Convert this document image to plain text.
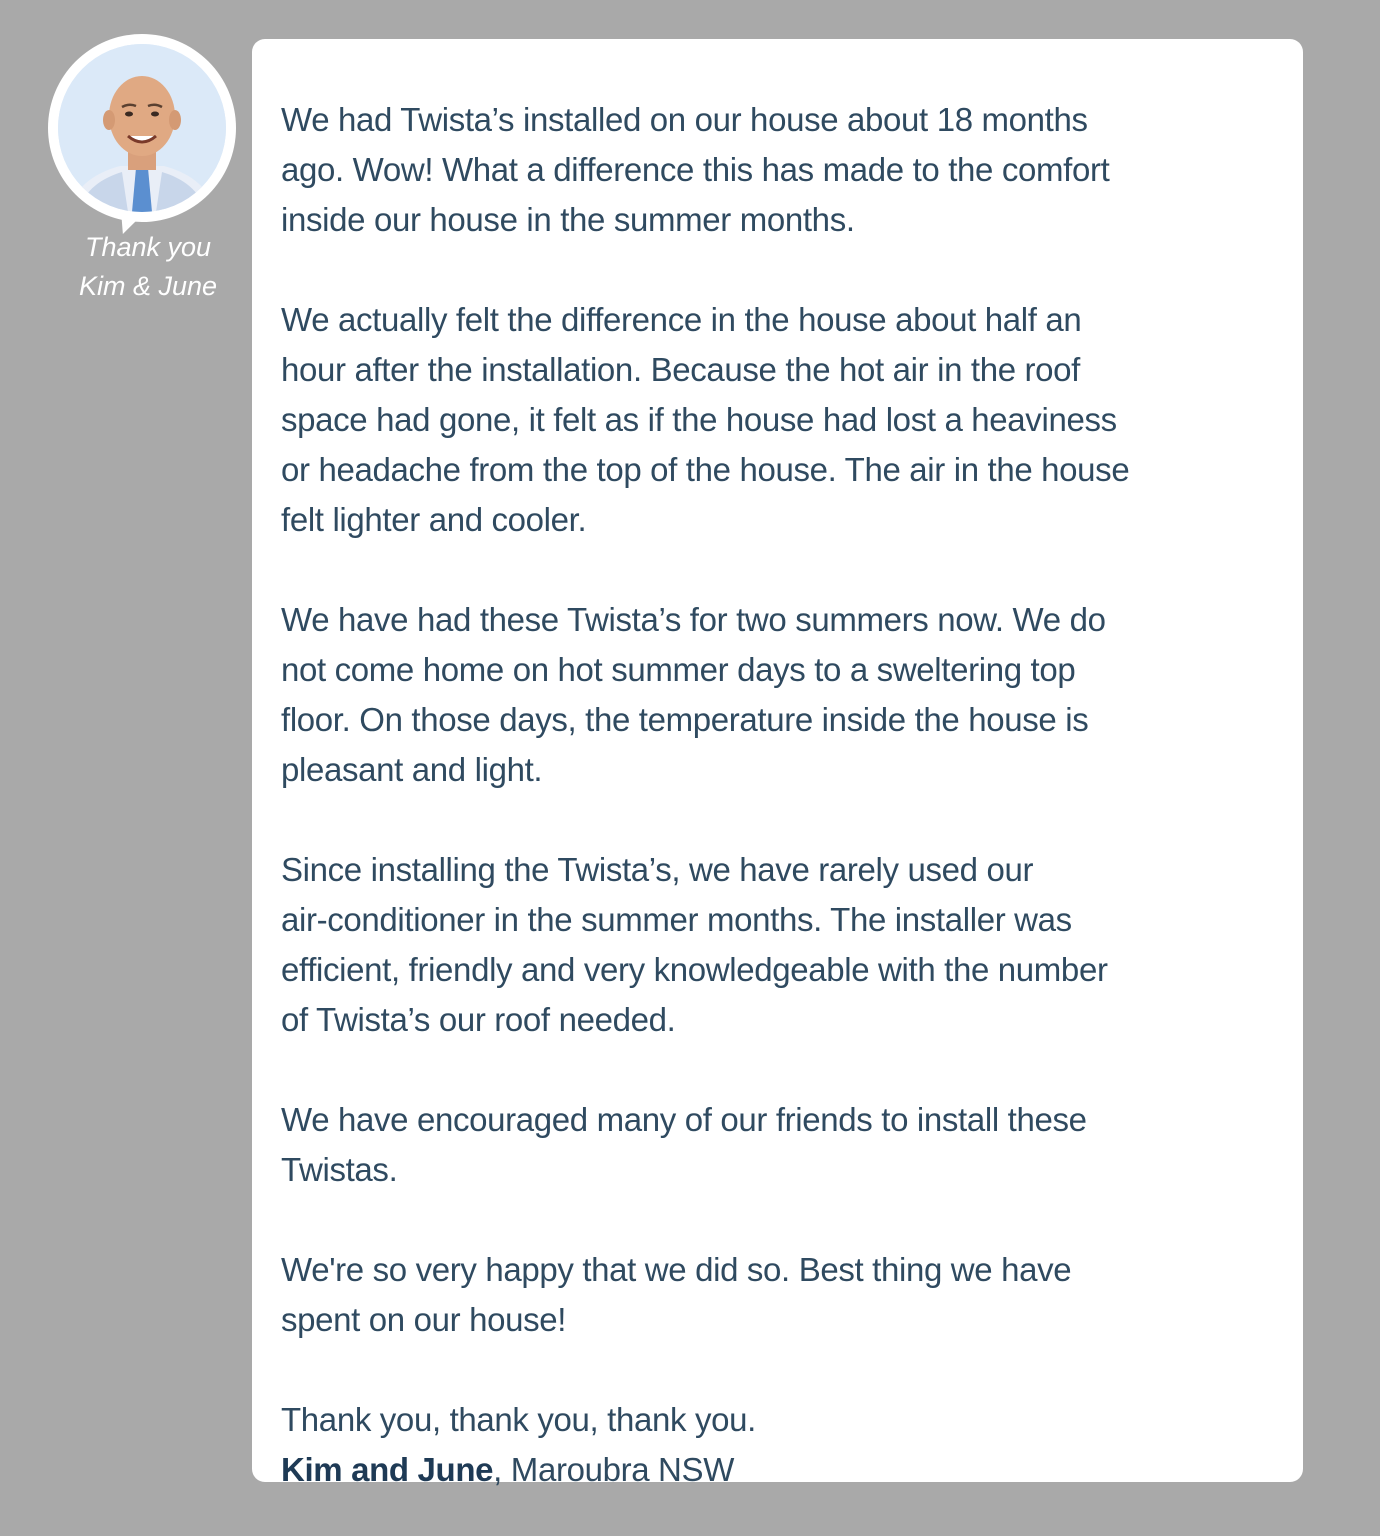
Thank you
Kim & June

We had Twista’s installed on our house about 18 months
ago. Wow! What a difference this has made to the comfort
inside our house in the summer months.

We actually felt the difference in the house about half an
hour after the installation. Because the hot air in the roof
space had gone, it felt as if the house had lost a heaviness
or headache from the top of the house. The air in the house
felt lighter and cooler.

We have had these Twista’s for two summers now. We do
not come home on hot summer days to a sweltering top
floor. On those days, the temperature inside the house is
pleasant and light.

Since installing the Twista’s, we have rarely used our
air-conditioner in the summer months. The installer was
efficient, friendly and very knowledgeable with the number
of Twista’s our roof needed.

We have encouraged many of our friends to install these
Twistas.

We're so very happy that we did so. Best thing we have
spent on our house!

Thank you, thank you, thank you.

Kim and June, Maroubra NSW
